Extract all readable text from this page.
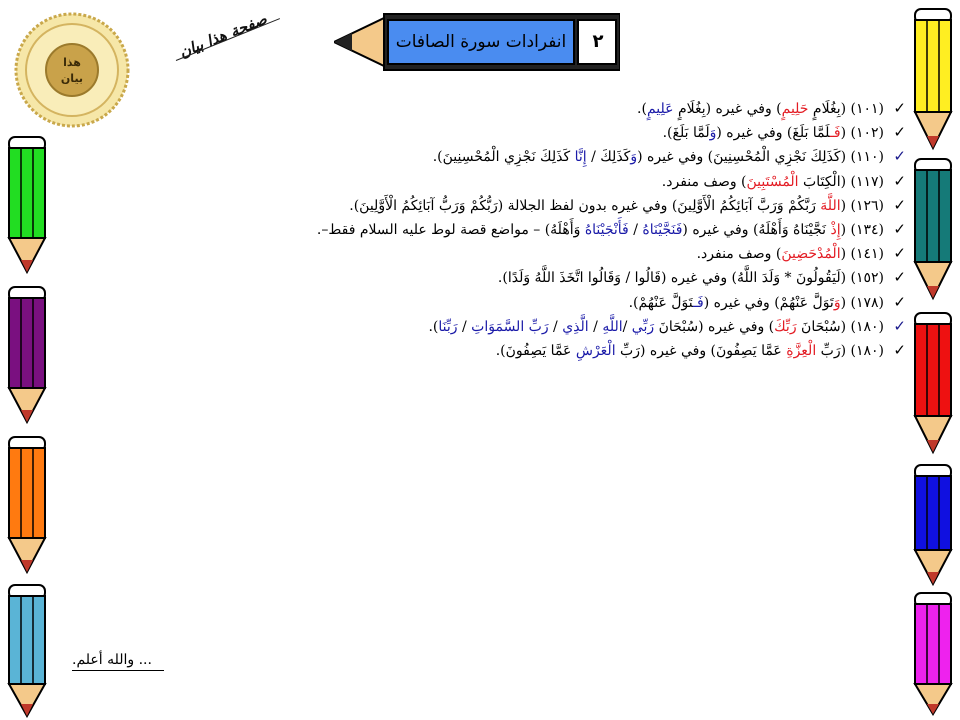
هذا
بيان
صفحة هذا بيان	انفرادات سورة الصافات	٢
✓(١٠١) (بِغُلَامٍ حَلِيمٍ) وفي غيره (بِغُلَامٍ عَلِيمٍ).
✓(١٠٢) (فَـلَمَّا بَلَغَ) وفي غيره (وَلَمَّا بَلَغَ).
✓(١١٠) (كَذَلِكَ نَجْزِي الْمُحْسِنِينَ) وفي غيره (وَكَذَلِكَ / إِنَّا كَذَلِكَ نَجْزِي الْمُحْسِنِينَ).
✓(١١٧) (الْكِتَابَ الْمُسْتَبِينَ) وصف منفرد.
✓(١٢٦) (اللَّهَ رَبَّكُمْ وَرَبَّ آبَائِكُمُ الْأَوَّلِينَ) وفي غيره بدون لفظ الجلالة (رَبُّكُمْ وَرَبُّ آبَائِكُمُ الْأَوَّلِينَ).
✓(١٣٤) (إِذْ نَجَّيْنَاهُ وَأَهْلَهُ) وفي غيره (فَنَجَّيْنَاهُ / فَأَنْجَيْنَاهُ وَأَهْلَهُ) – مواضع قصة لوط عليه السلام فقط–.
✓(١٤١) (الْمُدْحَضِينَ) وصف منفرد.
✓(١٥٢) (لَيَقُولُونَ * وَلَدَ اللَّهُ) وفي غيره (قَالُوا / وَقَالُوا اتَّخَذَ اللَّهُ وَلَدًا).
✓(١٧٨) (وَتَوَلَّ عَنْهُمْ) وفي غيره (فَـتَوَلَّ عَنْهُمْ).
✓(١٨٠) (سُبْحَانَ رَبِّكَ) وفي غيره (سُبْحَانَ رَبِّي /اللَّهِ / الَّذِي / رَبِّ السَّمَوَاتِ / رَبِّنَا).
✓(١٨٠) (رَبِّ الْعِزَّةِ عَمَّا يَصِفُونَ) وفي غيره (رَبِّ الْعَرْشِ عَمَّا يَصِفُونَ).
... والله أعلم.
